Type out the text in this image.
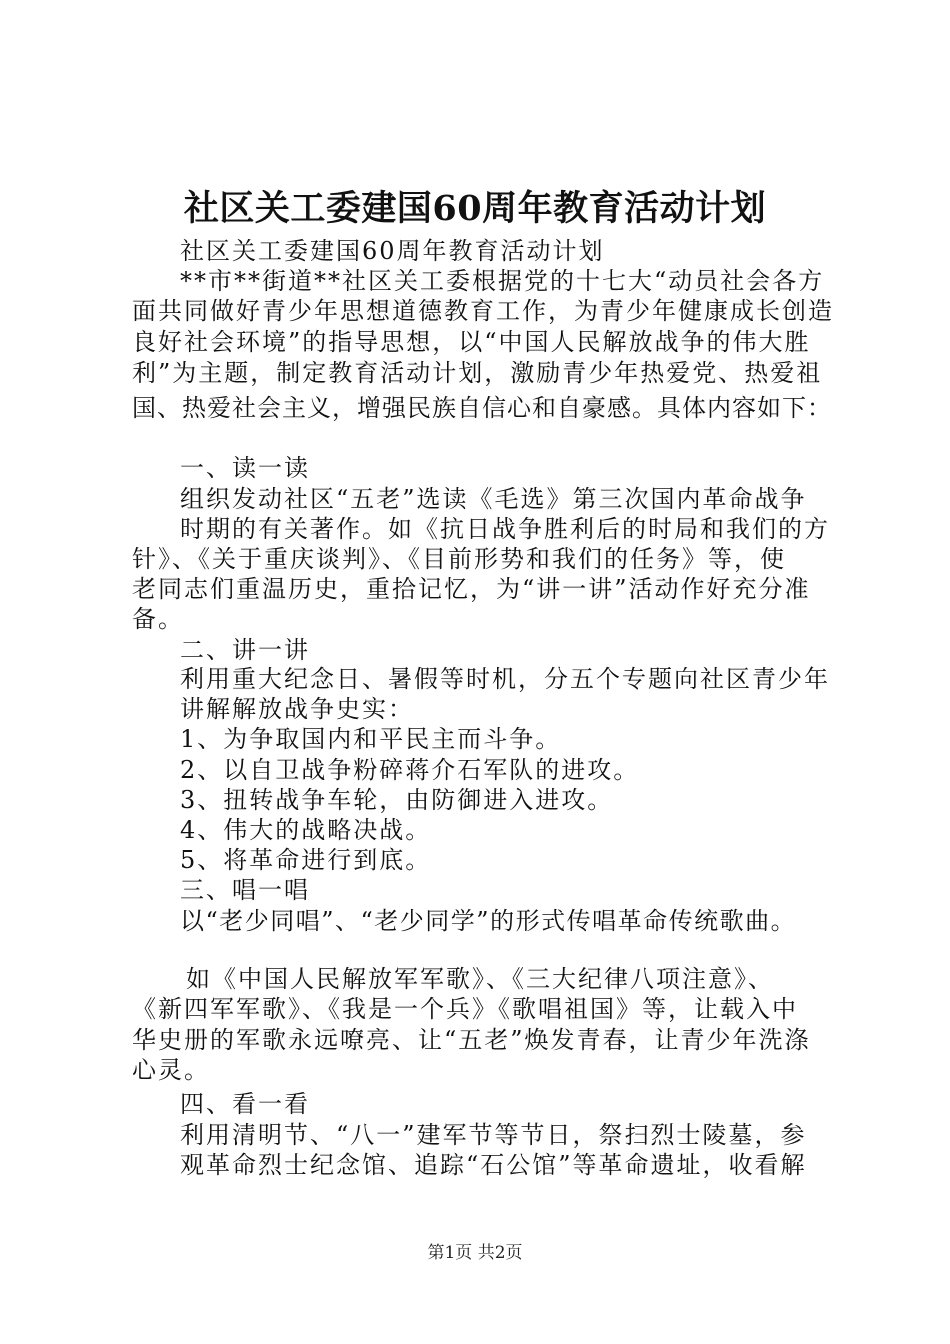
社区关工委建国60周年教育活动计划
社区关工委建国60周年教育活动计划
**市**街道**社区关工委根据党的十七大“动员社会各方
面共同做好青少年思想道德教育工作，为青少年健康成长创造
良好社会环境”的指导思想，以“中国人民解放战争的伟大胜
利”为主题，制定教育活动计划，激励青少年热爱党、热爱祖
国、热爱社会主义，增强民族自信心和自豪感。具体内容如下：
一、读一读
组织发动社区“五老”选读《毛选》第三次国内革命战争
时期的有关著作。如《抗日战争胜利后的时局和我们的方
针》、《关于重庆谈判》、《目前形势和我们的任务》等，使
老同志们重温历史，重拾记忆，为“讲一讲”活动作好充分准
备。
二、讲一讲
利用重大纪念日、暑假等时机，分五个专题向社区青少年
讲解解放战争史实：
1、为争取国内和平民主而斗争。
2、以自卫战争粉碎蒋介石军队的进攻。
3、扭转战争车轮，由防御进入进攻。
4、伟大的战略决战。
5、将革命进行到底。
三、唱一唱
以“老少同唱”、“老少同学”的形式传唱革命传统歌曲。
如《中国人民解放军军歌》、《三大纪律八项注意》、
《新四军军歌》、《我是一个兵》《歌唱祖国》等，让载入中
华史册的军歌永远嘹亮、让“五老”焕发青春，让青少年洗涤
心灵。
四、看一看
利用清明节、“八一”建军节等节日，祭扫烈士陵墓，参
观革命烈士纪念馆、追踪“石公馆”等革命遗址，收看解
第1页 共2页
